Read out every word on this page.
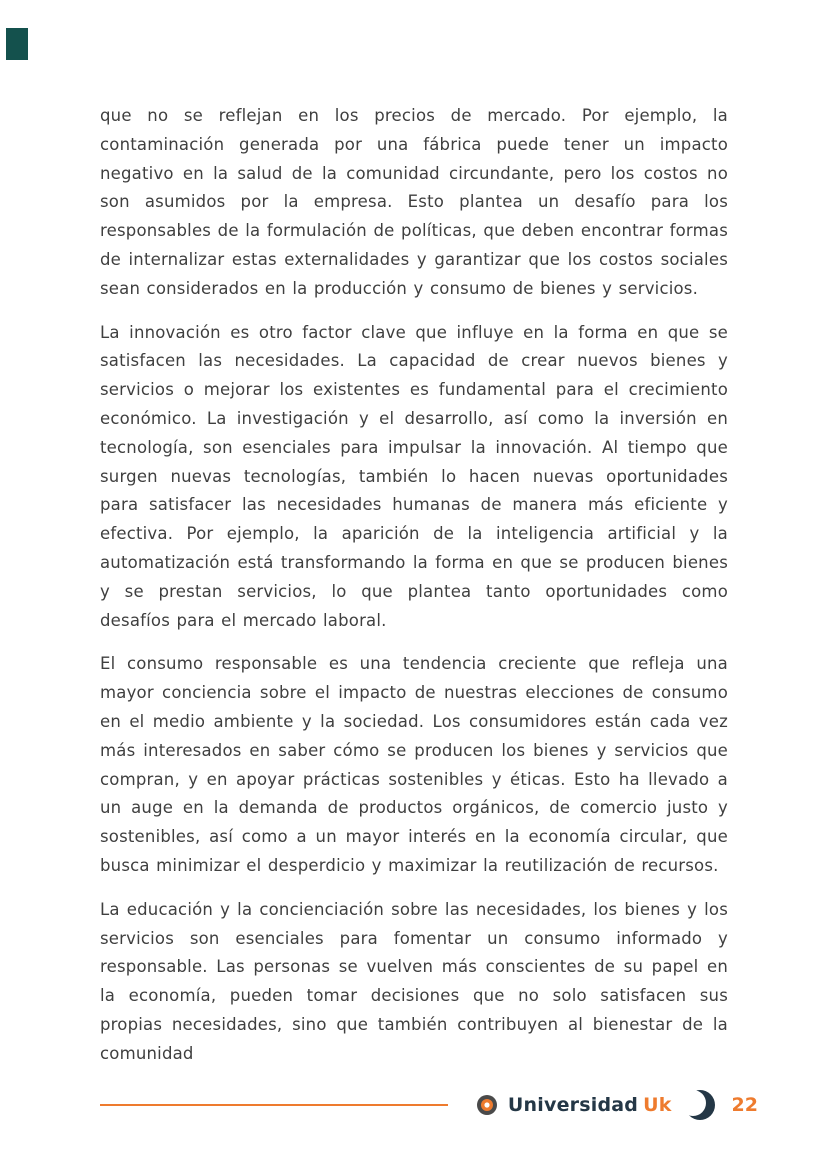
que no se reflejan en los precios de mercado. Por ejemplo, la contaminación generada por una fábrica puede tener un impacto negativo en la salud de la comunidad circundante, pero los costos no son asumidos por la empresa. Esto plantea un desafío para los responsables de la formulación de políticas, que deben encontrar formas de internalizar estas externalidades y garantizar que los costos sociales sean considerados en la producción y consumo de bienes y servicios.

La innovación es otro factor clave que influye en la forma en que se satisfacen las necesidades. La capacidad de crear nuevos bienes y servicios o mejorar los existentes es fundamental para el crecimiento económico. La investigación y el desarrollo, así como la inversión en tecnología, son esenciales para impulsar la innovación. Al tiempo que surgen nuevas tecnologías, también lo hacen nuevas oportunidades para satisfacer las necesidades humanas de manera más eficiente y efectiva. Por ejemplo, la aparición de la inteligencia artificial y la automatización está transformando la forma en que se producen bienes y se prestan servicios, lo que plantea tanto oportunidades como desafíos para el mercado laboral.

El consumo responsable es una tendencia creciente que refleja una mayor conciencia sobre el impacto de nuestras elecciones de consumo en el medio ambiente y la sociedad. Los consumidores están cada vez más interesados en saber cómo se producen los bienes y servicios que compran, y en apoyar prácticas sostenibles y éticas. Esto ha llevado a un auge en la demanda de productos orgánicos, de comercio justo y sostenibles, así como a un mayor interés en la economía circular, que busca minimizar el desperdicio y maximizar la reutilización de recursos.

La educación y la concienciación sobre las necesidades, los bienes y los servicios son esenciales para fomentar un consumo informado y responsable. Las personas se vuelven más conscientes de su papel en la economía, pueden tomar decisiones que no solo satisfacen sus propias necesidades, sino que también contribuyen al bienestar de la comunidad

Universidad Uk	22
